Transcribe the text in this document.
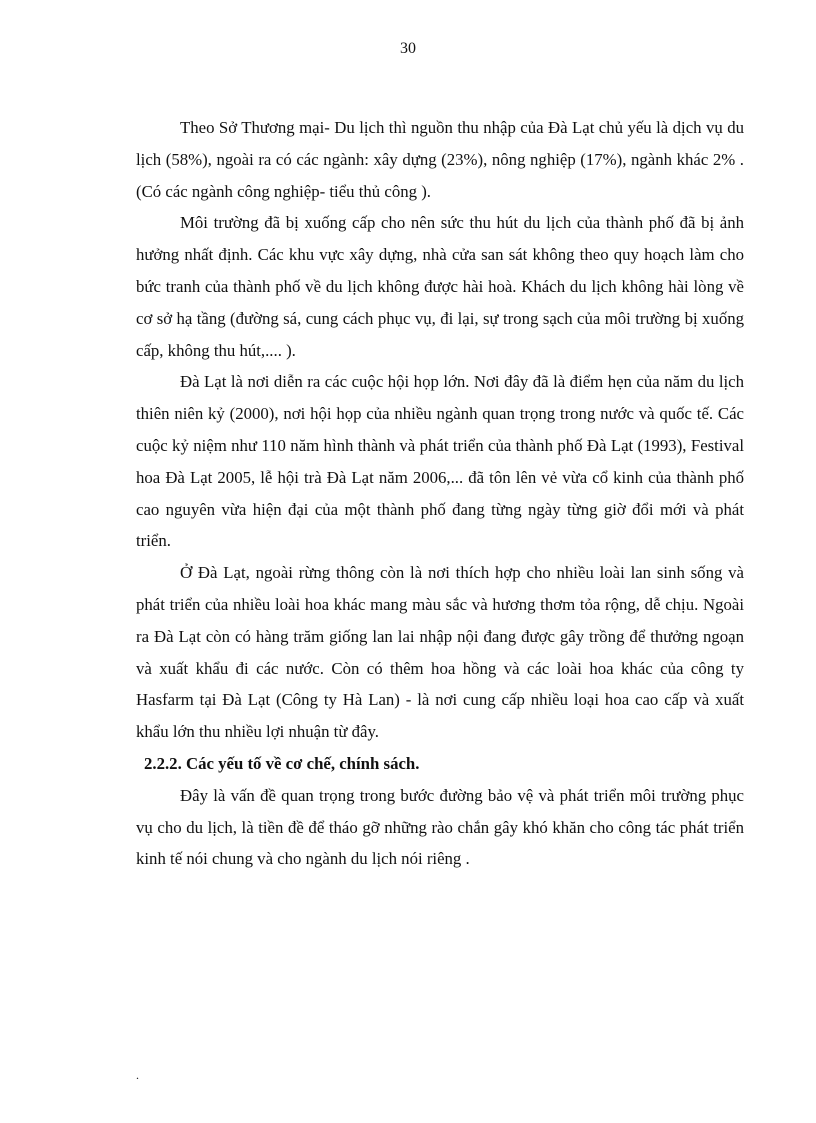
30

Theo Sở Thương mại- Du lịch thì nguồn thu nhập của Đà Lạt chủ yếu là dịch vụ du lịch (58%), ngoài ra có các ngành: xây dựng (23%), nông nghiệp (17%), ngành khác 2% . (Có các ngành công nghiệp- tiểu thủ công ).

Môi trường đã bị xuống cấp cho nên sức thu hút du lịch của thành phố đã bị ảnh hưởng nhất định. Các khu vực xây dựng, nhà cửa san sát không theo quy hoạch làm cho bức tranh của thành phố về du lịch không được hài hoà. Khách du lịch không hài lòng về cơ sở hạ tầng (đường sá, cung cách phục vụ, đi lại, sự trong sạch của môi trường bị xuống cấp, không thu hút,.... ).

Đà Lạt là nơi diễn ra các cuộc hội họp lớn. Nơi đây đã là điểm hẹn của năm du lịch thiên niên kỷ (2000), nơi hội họp của nhiều ngành quan trọng trong nước và quốc tế. Các cuộc kỷ niệm như 110 năm hình thành và phát triển của thành phố Đà Lạt (1993), Festival hoa Đà Lạt 2005, lễ hội trà Đà Lạt năm 2006,... đã tôn lên vẻ vừa cổ kinh của thành phố cao nguyên vừa hiện đại của một thành phố đang từng ngày từng giờ đổi mới và phát triển.

Ở Đà Lạt, ngoài rừng thông còn là nơi thích hợp cho nhiều loài lan sinh sống và phát triển của nhiều loài hoa khác mang màu sắc và hương thơm tỏa rộng, dễ chịu. Ngoài ra Đà Lạt còn có hàng trăm giống lan lai nhập nội đang được gây trồng để thưởng ngoạn và xuất khẩu đi các nước. Còn có thêm hoa hồng và các loài hoa khác của công ty Hasfarm tại Đà Lạt (Công ty Hà Lan) - là nơi cung cấp nhiều loại hoa cao cấp và xuất khẩu lớn thu nhiều lợi nhuận từ đây.

2.2.2. Các yếu tố về cơ chế, chính sách.

Đây là vấn đề quan trọng trong bước đường bảo vệ và phát triển môi trường phục vụ cho du lịch, là tiền đề để tháo gỡ những rào chắn gây khó khăn cho công tác phát triển kinh tế nói chung và cho ngành du lịch nói riêng .

.
